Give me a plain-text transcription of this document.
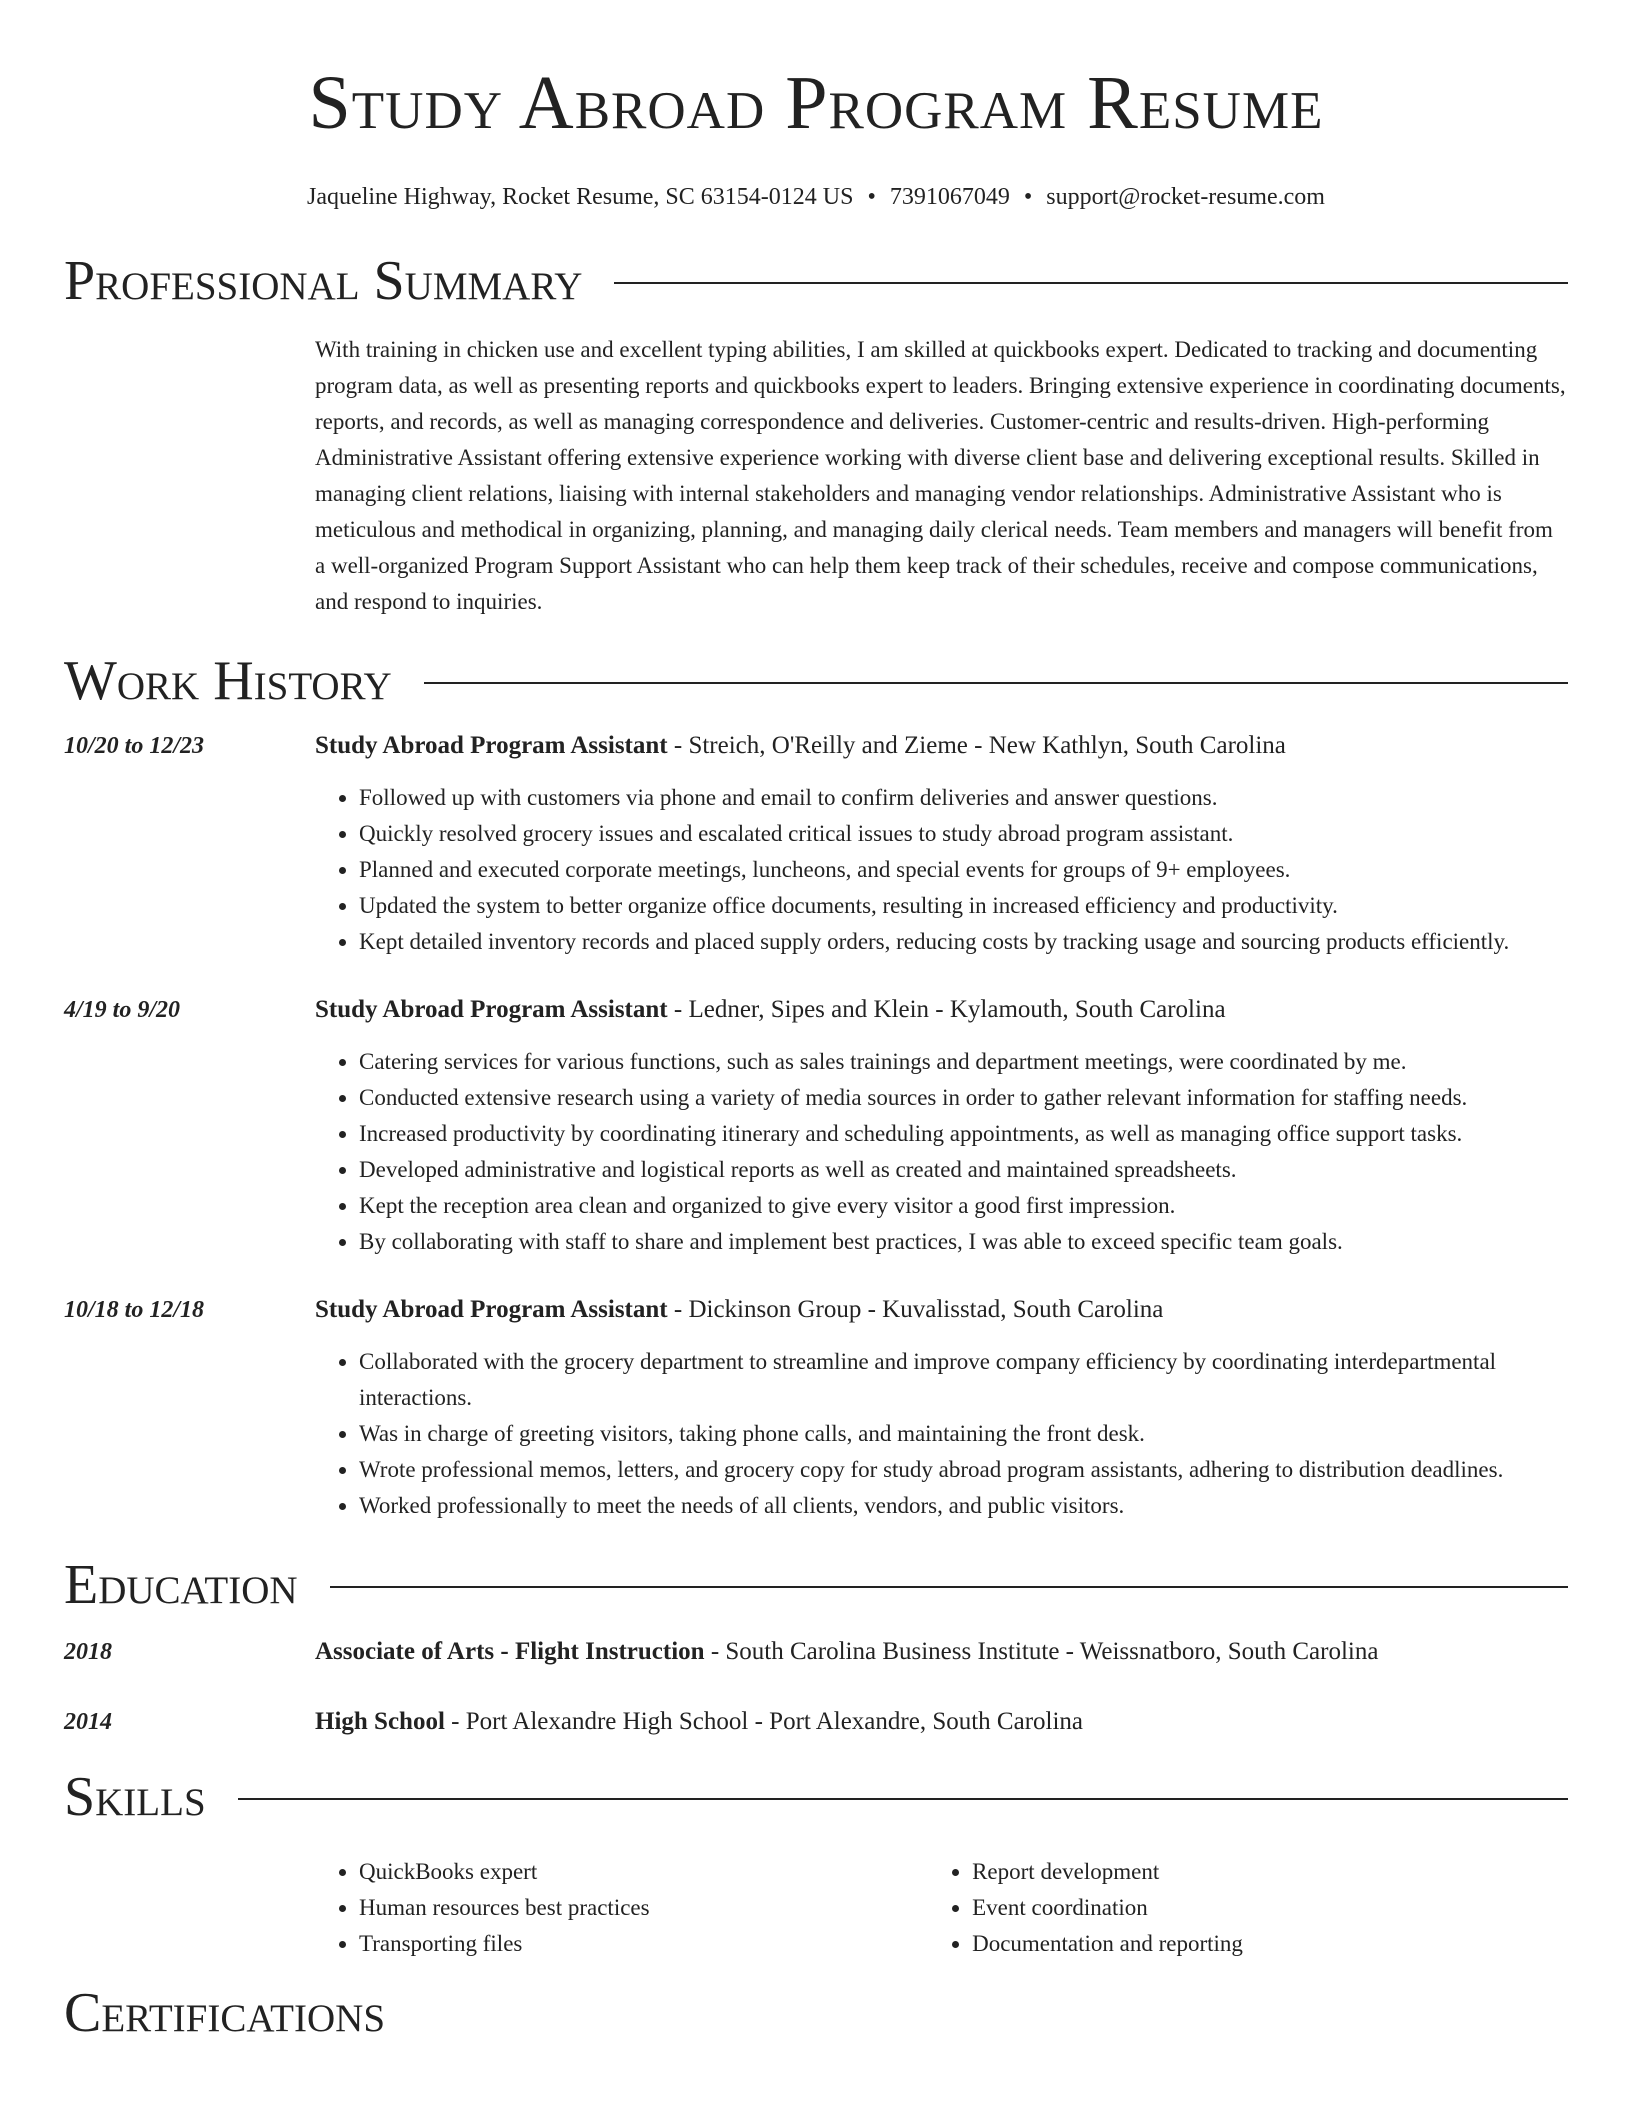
Study Abroad Program Resume
Jaqueline Highway, Rocket Resume, SC 63154-0124 US • 7391067049 • support@rocket-resume.com
Professional Summary
With training in chicken use and excellent typing abilities, I am skilled at quickbooks expert. Dedicated to tracking and documenting program data, as well as presenting reports and quickbooks expert to leaders. Bringing extensive experience in coordinating documents, reports, and records, as well as managing correspondence and deliveries. Customer-centric and results-driven. High-performing Administrative Assistant offering extensive experience working with diverse client base and delivering exceptional results. Skilled in managing client relations, liaising with internal stakeholders and managing vendor relationships. Administrative Assistant who is meticulous and methodical in organizing, planning, and managing daily clerical needs. Team members and managers will benefit from a well-organized Program Support Assistant who can help them keep track of their schedules, receive and compose communications, and respond to inquiries.
Work History
10/20 to 12/23	Study Abroad Program Assistant - Streich, O'Reilly and Zieme - New Kathlyn, South Carolina
• Followed up with customers via phone and email to confirm deliveries and answer questions.
• Quickly resolved grocery issues and escalated critical issues to study abroad program assistant.
• Planned and executed corporate meetings, luncheons, and special events for groups of 9+ employees.
• Updated the system to better organize office documents, resulting in increased efficiency and productivity.
• Kept detailed inventory records and placed supply orders, reducing costs by tracking usage and sourcing products efficiently.
4/19 to 9/20	Study Abroad Program Assistant - Ledner, Sipes and Klein - Kylamouth, South Carolina
• Catering services for various functions, such as sales trainings and department meetings, were coordinated by me.
• Conducted extensive research using a variety of media sources in order to gather relevant information for staffing needs.
• Increased productivity by coordinating itinerary and scheduling appointments, as well as managing office support tasks.
• Developed administrative and logistical reports as well as created and maintained spreadsheets.
• Kept the reception area clean and organized to give every visitor a good first impression.
• By collaborating with staff to share and implement best practices, I was able to exceed specific team goals.
10/18 to 12/18	Study Abroad Program Assistant - Dickinson Group - Kuvalisstad, South Carolina
• Collaborated with the grocery department to streamline and improve company efficiency by coordinating interdepartmental interactions.
• Was in charge of greeting visitors, taking phone calls, and maintaining the front desk.
• Wrote professional memos, letters, and grocery copy for study abroad program assistants, adhering to distribution deadlines.
• Worked professionally to meet the needs of all clients, vendors, and public visitors.
Education
2018	Associate of Arts - Flight Instruction - South Carolina Business Institute - Weissnatboro, South Carolina
2014	High School - Port Alexandre High School - Port Alexandre, South Carolina
Skills
• QuickBooks expert
• Human resources best practices
• Transporting files
• Report development
• Event coordination
• Documentation and reporting
Certifications
